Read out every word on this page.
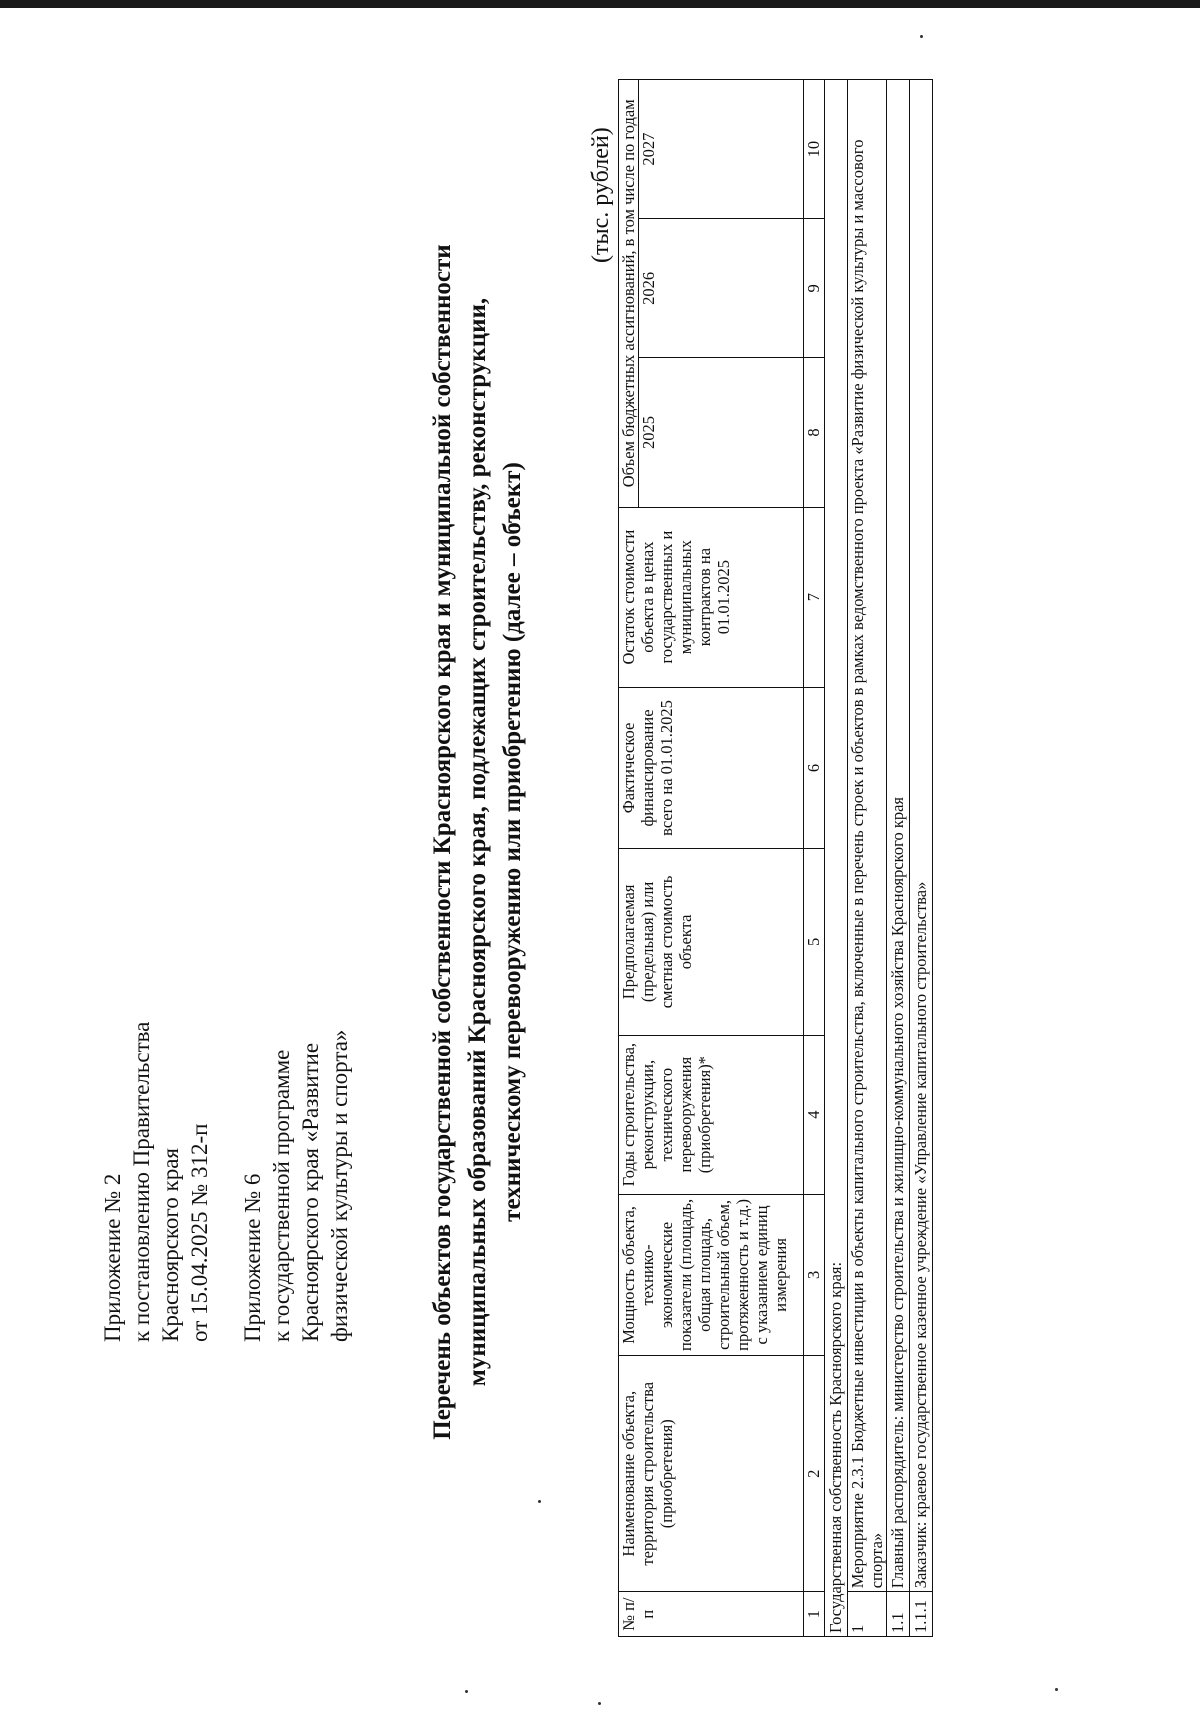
Приложение № 2 к постановлению Правительства Красноярского края от 15.04.2025 № 312-п Приложение № 6 к государственной программе Красноярского края «Развитие физической культуры и спорта»	Перечень объектов государственной собственности Красноярского края и муниципальной собственности муниципальных образований Красноярского края, подлежащих строительству, реконструкции, техническому перевооружению или приобретению (далее – объект)
(тыс. рублей)
№ п/п	Наименование объекта, территория строительства (приобретения)	Мощность объекта, технико-экономические показатели (площадь, общая площадь, строительный объем, протяженность и т.д.) с указанием единиц измерения	Годы строительства, реконструкции, технического перевооружения (приобретения)*	Предполагаемая (предельная) или сметная стоимость объекта	Фактическое финансирование всего на 01.01.2025	Остаток стоимости объекта в ценах государственных и муниципальных контрактов на 01.01.2025	Объем бюджетных ассигнований, в том числе по годам		
							2025	2026	2027
1	2	3	4	5	6	7	8	9	10
Государственная собственность Красноярского края:									
1	Мероприятие 2.3.1 Бюджетные инвестиции в объекты капитального строительства, включенные в перечень строек и объектов в рамках ведомственного проекта «Развитие физической культуры и массового спорта»								
1.1	Главный распорядитель: министерство строительства и жилищно-коммунального хозяйства Красноярского края								
1.1.1	Заказчик: краевое государственное казенное учреждение «Управление капитального строительства»								
